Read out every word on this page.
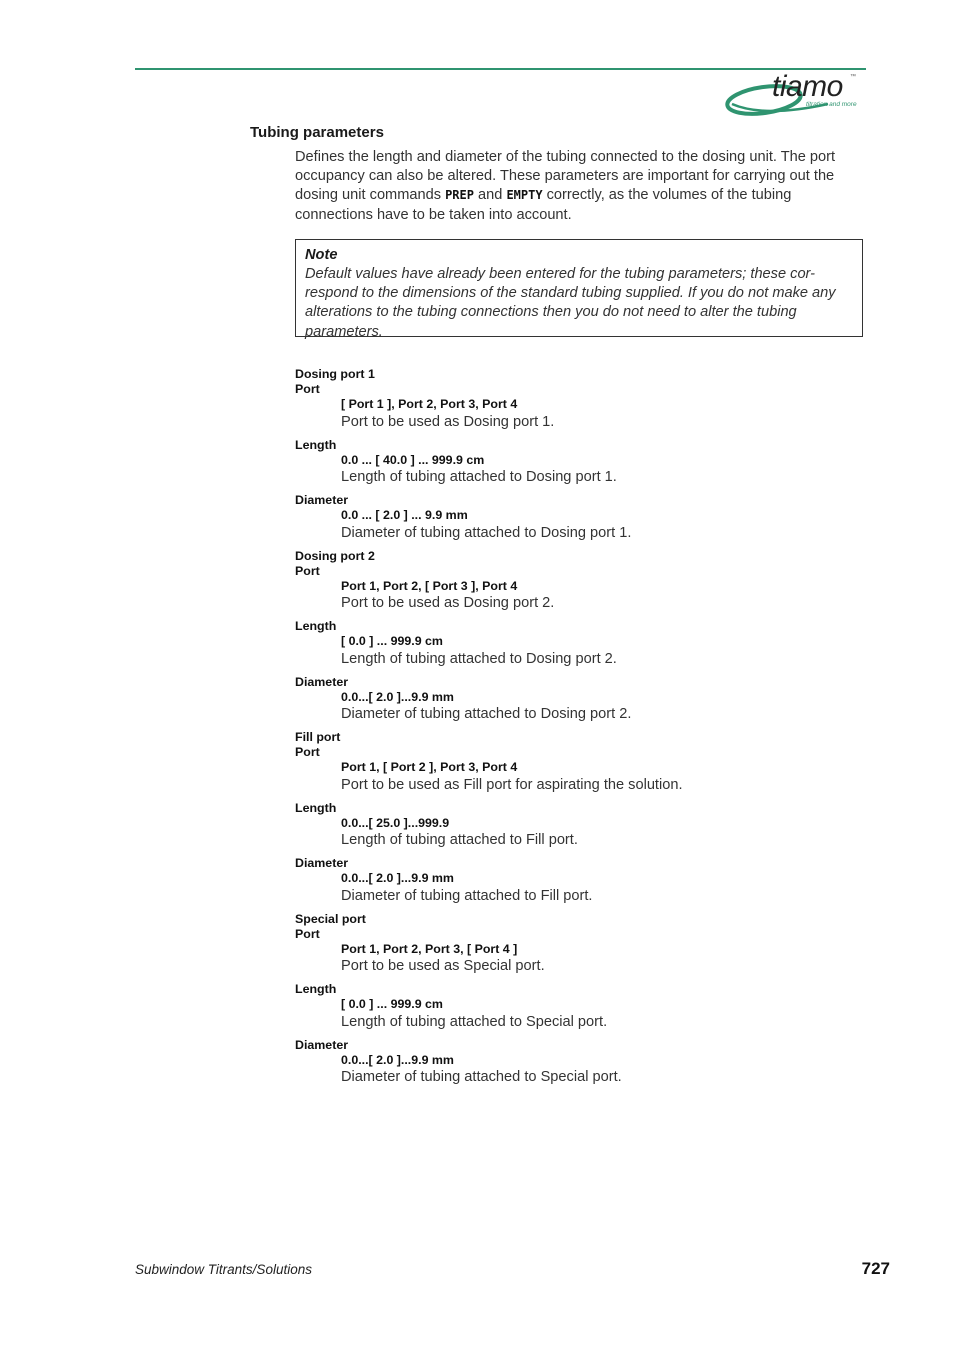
tiamo ™
titration and more
Tubing parameters

Defines the length and diameter of the tubing connected to the dosing unit. The port occupancy can also be altered. These parameters are important for carrying out the dosing unit commands PREP and EMPTY correctly, as the volumes of the tubing connections have to be taken into account.

Note

Default values have already been entered for the tubing parameters; these cor-respond to the dimensions of the standard tubing supplied. If you do not make any alterations to the tubing connections then you do not need to alter the tubing parameters.

Dosing port 1
Port
[ Port 1 ], Port 2, Port 3, Port 4
Port to be used as Dosing port 1.
Length
0.0 ... [ 40.0 ] ... 999.9 cm
Length of tubing attached to Dosing port 1.
Diameter
0.0 ... [ 2.0 ] ... 9.9 mm
Diameter of tubing attached to Dosing port 1.
Dosing port 2
Port
Port 1, Port 2, [ Port 3 ], Port 4
Port to be used as Dosing port 2.
Length
[ 0.0 ] ... 999.9 cm
Length of tubing attached to Dosing port 2.
Diameter
0.0...[ 2.0 ]...9.9 mm
Diameter of tubing attached to Dosing port 2.
Fill port
Port
Port 1, [ Port 2 ], Port 3, Port 4
Port to be used as Fill port for aspirating the solution.
Length
0.0...[ 25.0 ]...999.9
Length of tubing attached to Fill port.
Diameter
0.0...[ 2.0 ]...9.9 mm
Diameter of tubing attached to Fill port.
Special port
Port
Port 1, Port 2, Port 3, [ Port 4 ]
Port to be used as Special port.
Length
[ 0.0 ] ... 999.9 cm
Length of tubing attached to Special port.
Diameter
0.0...[ 2.0 ]...9.9 mm
Diameter of tubing attached to Special port.
Subwindow Titrants/Solutions	727
